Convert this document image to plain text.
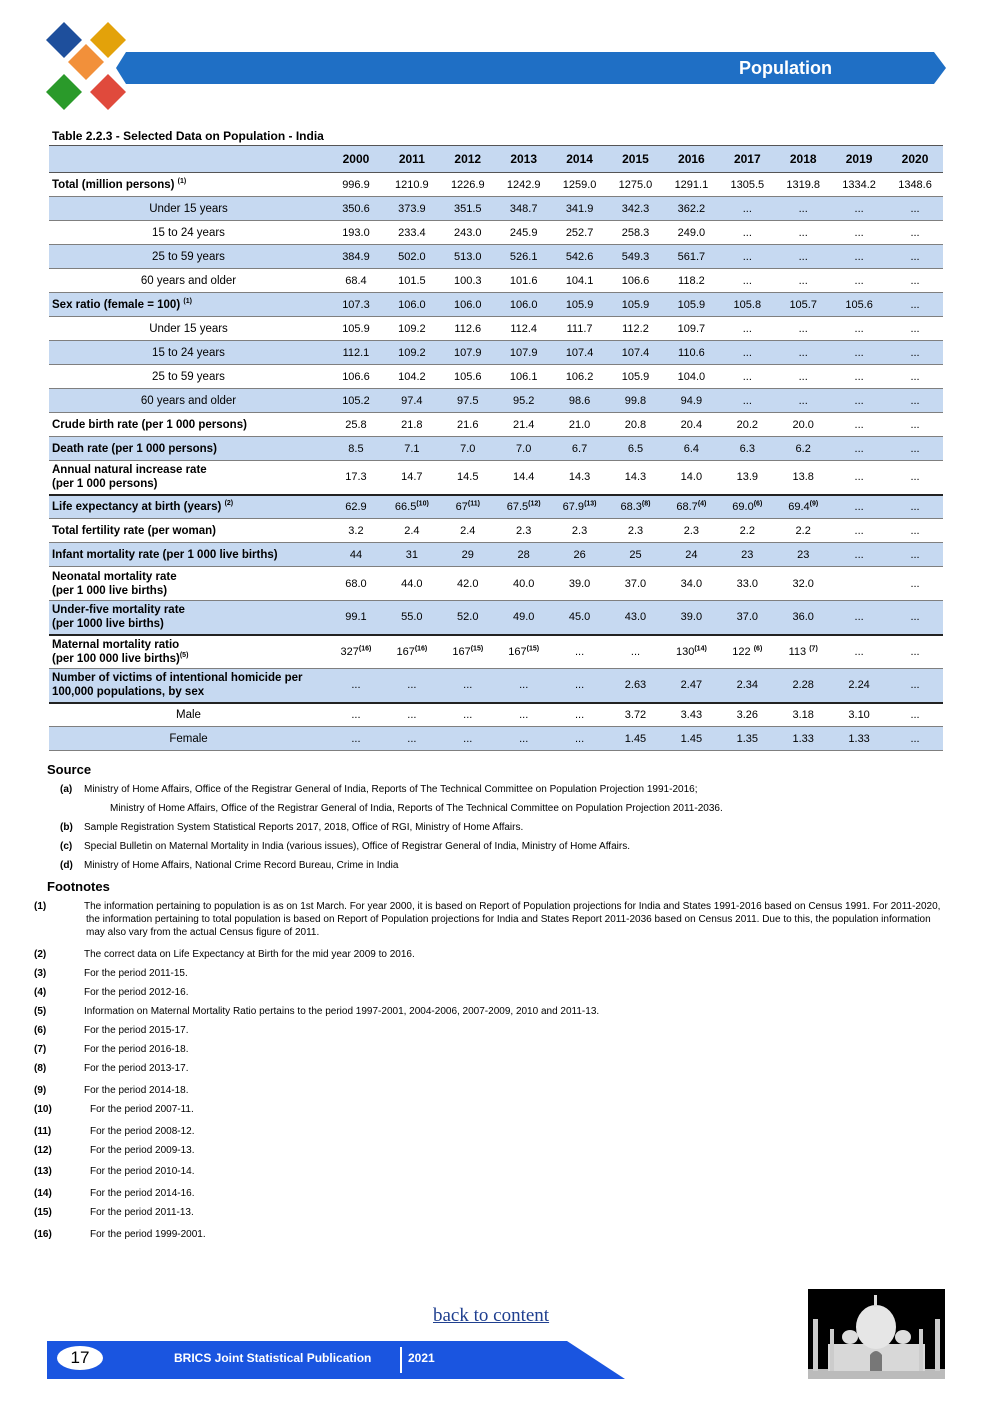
Population
Table 2.2.3 - Selected Data on Population - India
	2000	2011	2012	2013	2014	2015	2016	2017	2018	2019	2020
Total (million persons) $^{(1)}$	996.9	1210.9	1226.9	1242.9	1259.0	1275.0	1291.1	1305.5	1319.8	1334.2	1348.6
Under 15 years	350.6	373.9	351.5	348.7	341.9	342.3	362.2	...	...	...	...
15 to 24 years	193.0	233.4	243.0	245.9	252.7	258.3	249.0	...	...	...	...
25 to 59 years	384.9	502.0	513.0	526.1	542.6	549.3	561.7	...	...	...	...
60 years and older	68.4	101.5	100.3	101.6	104.1	106.6	118.2	...	...	...	...
Sex ratio (female = 100) $^{(1)}$	107.3	106.0	106.0	106.0	105.9	105.9	105.9	105.8	105.7	105.6	...
Under 15 years	105.9	109.2	112.6	112.4	111.7	112.2	109.7	...	...	...	...
15 to 24 years	112.1	109.2	107.9	107.9	107.4	107.4	110.6	...	...	...	...
25 to 59 years	106.6	104.2	105.6	106.1	106.2	105.9	104.0	...	...	...	...
60 years and older	105.2	97.4	97.5	95.2	98.6	99.8	94.9	...	...	...	...
Crude birth rate (per 1 000 persons)	25.8	21.8	21.6	21.4	21.0	20.8	20.4	20.2	20.0	...	...
Death rate (per 1 000 persons)	8.5	7.1	7.0	7.0	6.7	6.5	6.4	6.3	6.2	...	...
Annual natural increase rate
(per 1 000 persons)	17.3	14.7	14.5	14.4	14.3	14.3	14.0	13.9	13.8	...	...
Life expectancy at birth (years) $^{(2)}$	62.9	66.5$^{(10)}$	67$^{(11)}$	67.5$^{(12)}$	67.9$^{(13)}$	68.3$^{(8)}$	68.7$^{(4)}$	69.0$^{(6)}$	69.4$^{(9)}$	...	...
Total fertility rate (per woman)	3.2	2.4	2.4	2.3	2.3	2.3	2.3	2.2	2.2	...	...
Infant mortality rate (per 1 000 live births)	44	31	29	28	26	25	24	23	23	...	...
Neonatal mortality rate
(per 1 000 live births)	68.0	44.0	42.0	40.0	39.0	37.0	34.0	33.0	32.0		...
Under-five mortality rate
(per 1000 live births)	99.1	55.0	52.0	49.0	45.0	43.0	39.0	37.0	36.0	...	...
Maternal mortality ratio
(per 100 000 live births)$^{(5)}$	327$^{(16)}$	167$^{(16)}$	167$^{(15)}$	167$^{(15)}$	...	...	130$^{(14)}$	122 $^{(6)}$	113 $^{(7)}$	...	...
Number of victims of intentional homicide per
100,000 populations, by sex	...	...	...	...	...	2.63	2.47	2.34	2.28	2.24	...
Male	...	...	...	...	...	3.72	3.43	3.26	3.18	3.10	...
Female	...	...	...	...	...	1.45	1.45	1.35	1.33	1.33	...
Source
(a) Ministry of Home Affairs, Office of the Registrar General of India, Reports of The Technical Committee on Population Projection 1991-2016;
Ministry of Home Affairs, Office of the Registrar General of India, Reports of The Technical Committee on Population Projection 2011-2036.
(b) Sample Registration System Statistical Reports 2017, 2018, Office of RGI, Ministry of Home Affairs.
(c) Special Bulletin on Maternal Mortality in India (various issues), Office of Registrar General of India, Ministry of Home Affairs.
(d) Ministry of Home Affairs, National Crime Record Bureau, Crime in India
Footnotes
(1)	The information pertaining to population is as on 1st March. For year 2000, it is based on Report of Population projections for India and States 1991-2016 based on Census 1991. For 2011-2020, the information pertaining to total population is based on Report of Population projections for India and States Report 2011-2036 based on Census 2011. Due to this, the population information may also vary from the actual Census figure of 2011.
(2)	The correct data on Life Expectancy at Birth for the mid year 2009 to 2016.
(3)	For the period 2011-15.
(4)	For the period 2012-16.
(5)	Information on Maternal Mortality Ratio pertains to the period 1997-2001, 2004-2006, 2007-2009, 2010 and 2011-13.
(6)	For the period 2015-17.
(7)	For the period 2016-18.
(8)	For the period 2013-17.
(9)	For the period 2014-18.
(10)	For the period 2007-11.
(11)	For the period 2008-12.
(12)	For the period 2009-13.
(13)	For the period 2010-14.
(14)	For the period 2014-16.
(15)	For the period 2011-13.
(16)	For the period 1999-2001.
back to content
17	BRICS Joint Statistical Publication	2021
